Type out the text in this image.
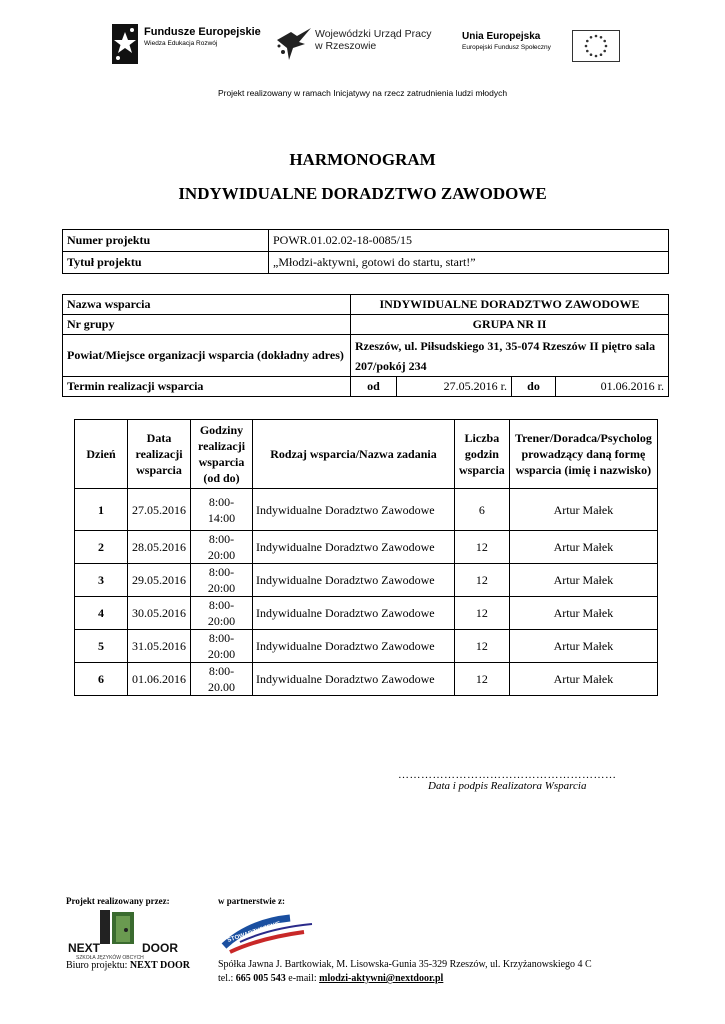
Fundusze Europejskie
Wiedza Edukacja Rozwój
Wojewódzki Urząd Pracy
w Rzeszowie
Unia Europejska
Europejski Fundusz Społeczny
Projekt realizowany w ramach Inicjatywy na rzecz zatrudnienia ludzi młodych
HARMONOGRAM
INDYWIDUALNE DORADZTWO ZAWODOWE
Numer projektu	POWR.01.02.02-18-0085/15
Tytuł projektu	„Młodzi-aktywni, gotowi do startu, start!”
Nazwa wsparcia	INDYWIDUALNE DORADZTWO ZAWODOWE			
Nr grupy	GRUPA NR II			
Powiat/Miejsce organizacji wsparcia (dokładny adres)	Rzeszów, ul. Piłsudskiego 31, 35-074 Rzeszów II piętro sala
207/pokój 234			

Termin realizacji wsparcia	od	27.05.2016 r.	do	01.06.2016 r.
Dzień	Data realizacji wsparcia	Godziny realizacji wsparcia (od do)	Rodzaj wsparcia/Nazwa zadania	Liczba godzin wsparcia	Trener/Doradca/Psycholog prowadzący daną formę wsparcia (imię i nazwisko)
1	27.05.2016	8:00-
14:00	Indywidualne Doradztwo Zawodowe	6	Artur Małek
2	28.05.2016	8:00-
20:00	Indywidualne Doradztwo Zawodowe	12	Artur Małek
3	29.05.2016	8:00-
20:00	Indywidualne Doradztwo Zawodowe	12	Artur Małek
4	30.05.2016	8:00-
20:00	Indywidualne Doradztwo Zawodowe	12	Artur Małek
5	31.05.2016	8:00-
20:00	Indywidualne Doradztwo Zawodowe	12	Artur Małek
6	01.06.2016	8:00-
20.00	Indywidualne Doradztwo Zawodowe	12	Artur Małek
…………………………………………………
Data i podpis Realizatora Wsparcia
Projekt realizowany przez:	w partnerstwie z:
NEXT	DOOR
SZKOŁA JĘZYKÓW OBCYCH
STOWARZYSZENIE
Biuro projektu: NEXT DOOR	Spółka Jawna J. Bartkowiak, M. Lisowska-Gunia 35-329 Rzeszów, ul. Krzyżanowskiego 4 C
tel.: 665 005 543 e-mail: mlodzi-aktywni@nextdoor.pl
